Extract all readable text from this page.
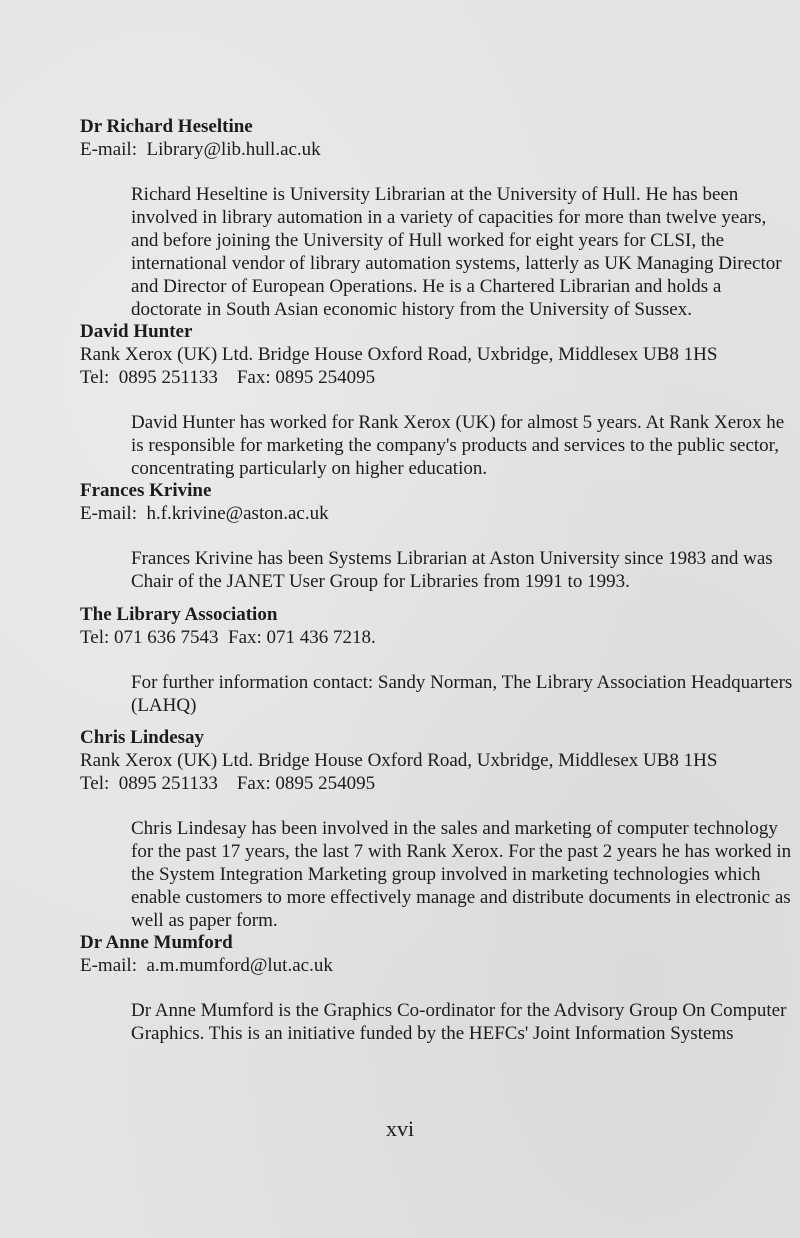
Dr Richard Heseltine

E-mail:  Library@lib.hull.ac.uk

Richard Heseltine is University Librarian at the University of Hull. He has been involved in library automation in a variety of capacities for more than twelve years, and before joining the University of Hull worked for eight years for CLSI, the international vendor of library automation systems, latterly as UK Managing Director and Director of European Operations. He is a Chartered Librarian and holds a doctorate in South Asian economic history from the University of Sussex.

David Hunter

Rank Xerox (UK) Ltd. Bridge House Oxford Road, Uxbridge, Middlesex UB8 1HS

Tel:  0895 251133    Fax: 0895 254095

David Hunter has worked for Rank Xerox (UK) for almost 5 years. At Rank Xerox he is responsible for marketing the company's products and services to the public sector, concentrating particularly on higher education.

Frances Krivine

E-mail:  h.f.krivine@aston.ac.uk

Frances Krivine has been Systems Librarian at Aston University since 1983 and was Chair of the JANET User Group for Libraries from 1991 to 1993.

The Library Association

Tel: 071 636 7543  Fax: 071 436 7218.

For further information contact: Sandy Norman, The Library Association Headquarters (LAHQ)

Chris Lindesay

Rank Xerox (UK) Ltd. Bridge House Oxford Road, Uxbridge, Middlesex UB8 1HS

Tel:  0895 251133    Fax: 0895 254095

Chris Lindesay has been involved in the sales and marketing of computer technology for the past 17 years, the last 7 with Rank Xerox. For the past 2 years he has worked in the System Integration Marketing group involved in marketing technologies which enable customers to more effectively manage and distribute documents in electronic as well as paper form.

Dr Anne Mumford

E-mail:  a.m.mumford@lut.ac.uk

Dr Anne Mumford is the Graphics Co-ordinator for the Advisory Group On Computer Graphics. This is an initiative funded by the HEFCs' Joint Information Systems

xvi
